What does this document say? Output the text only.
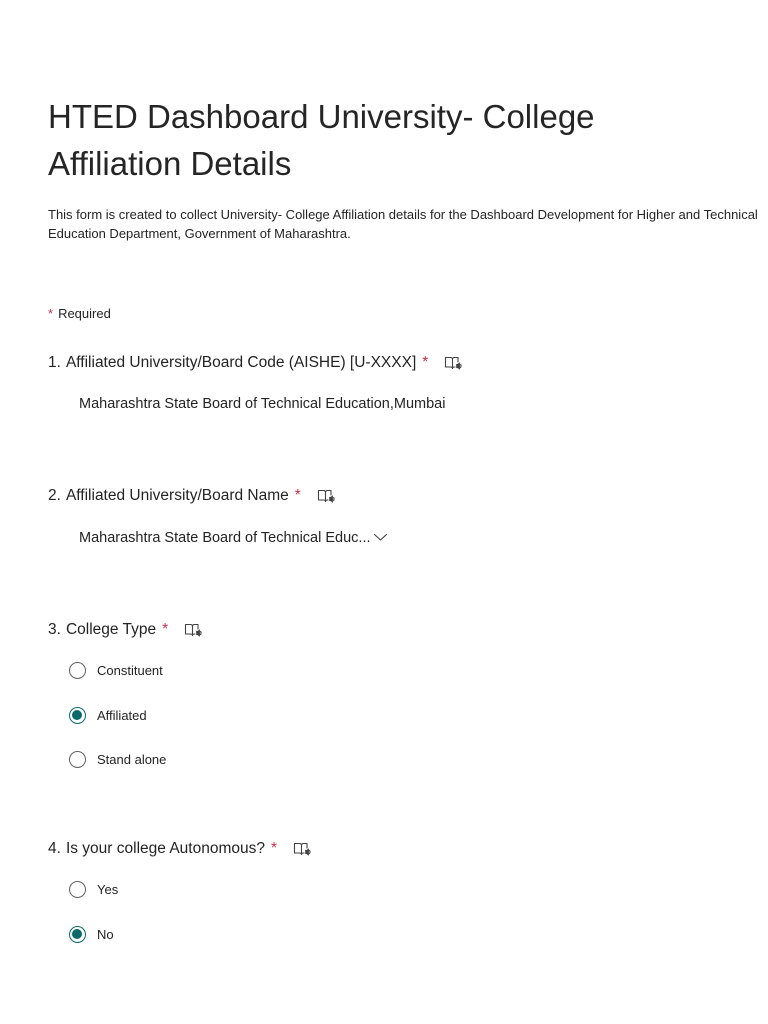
HTED Dashboard University- College Affiliation Details

This form is created to collect University- College Affiliation details for the Dashboard Development for Higher and Technical Education Department, Government of Maharashtra.

* Required
1. Affiliated University/Board Code (AISHE) [U-XXXX] *
Maharashtra State Board of Technical Education,Mumbai
2. Affiliated University/Board Name *
Maharashtra State Board of Technical Educ...
3. College Type *
Constituent
Affiliated
Stand alone
4. Is your college Autonomous? *
Yes
No
